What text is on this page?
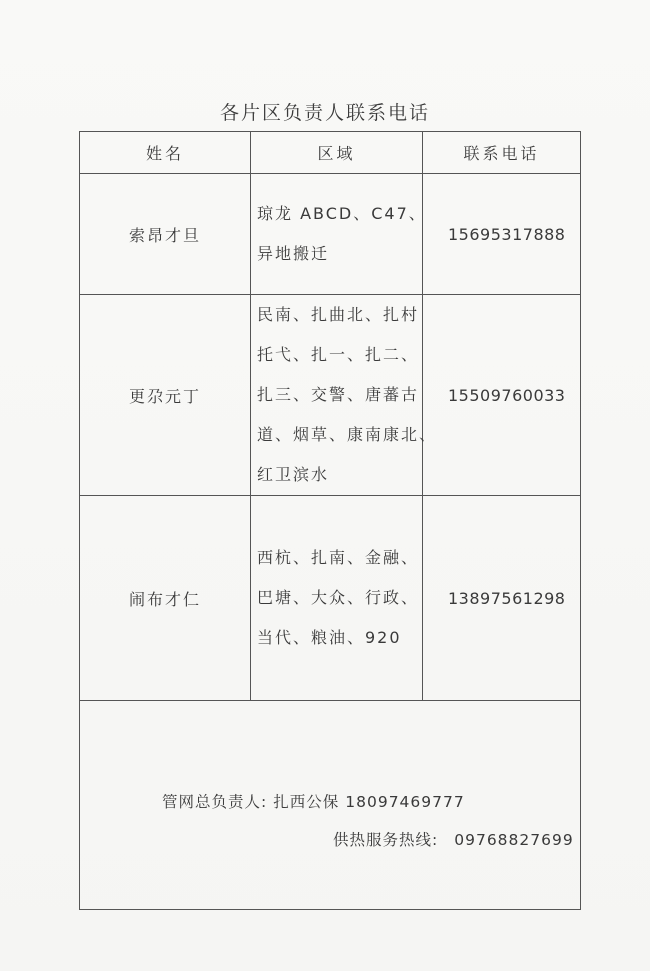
各片区负责人联系电话
姓名	区域	联系电话
索昂才旦	琼龙 ABCD、C47、
异地搬迁	15695317888
更尕元丁	民南、扎曲北、扎村
托弋、扎一、扎二、
扎三、交警、唐蕃古
道、烟草、康南康北、
红卫滨水	15509760033
闹布才仁	西杭、扎南、金融、
巴塘、大众、行政、
当代、粮油、920	13897561298

管网总负责人: 扎西公保 18097469777
供热服务热线: 09768827699		
